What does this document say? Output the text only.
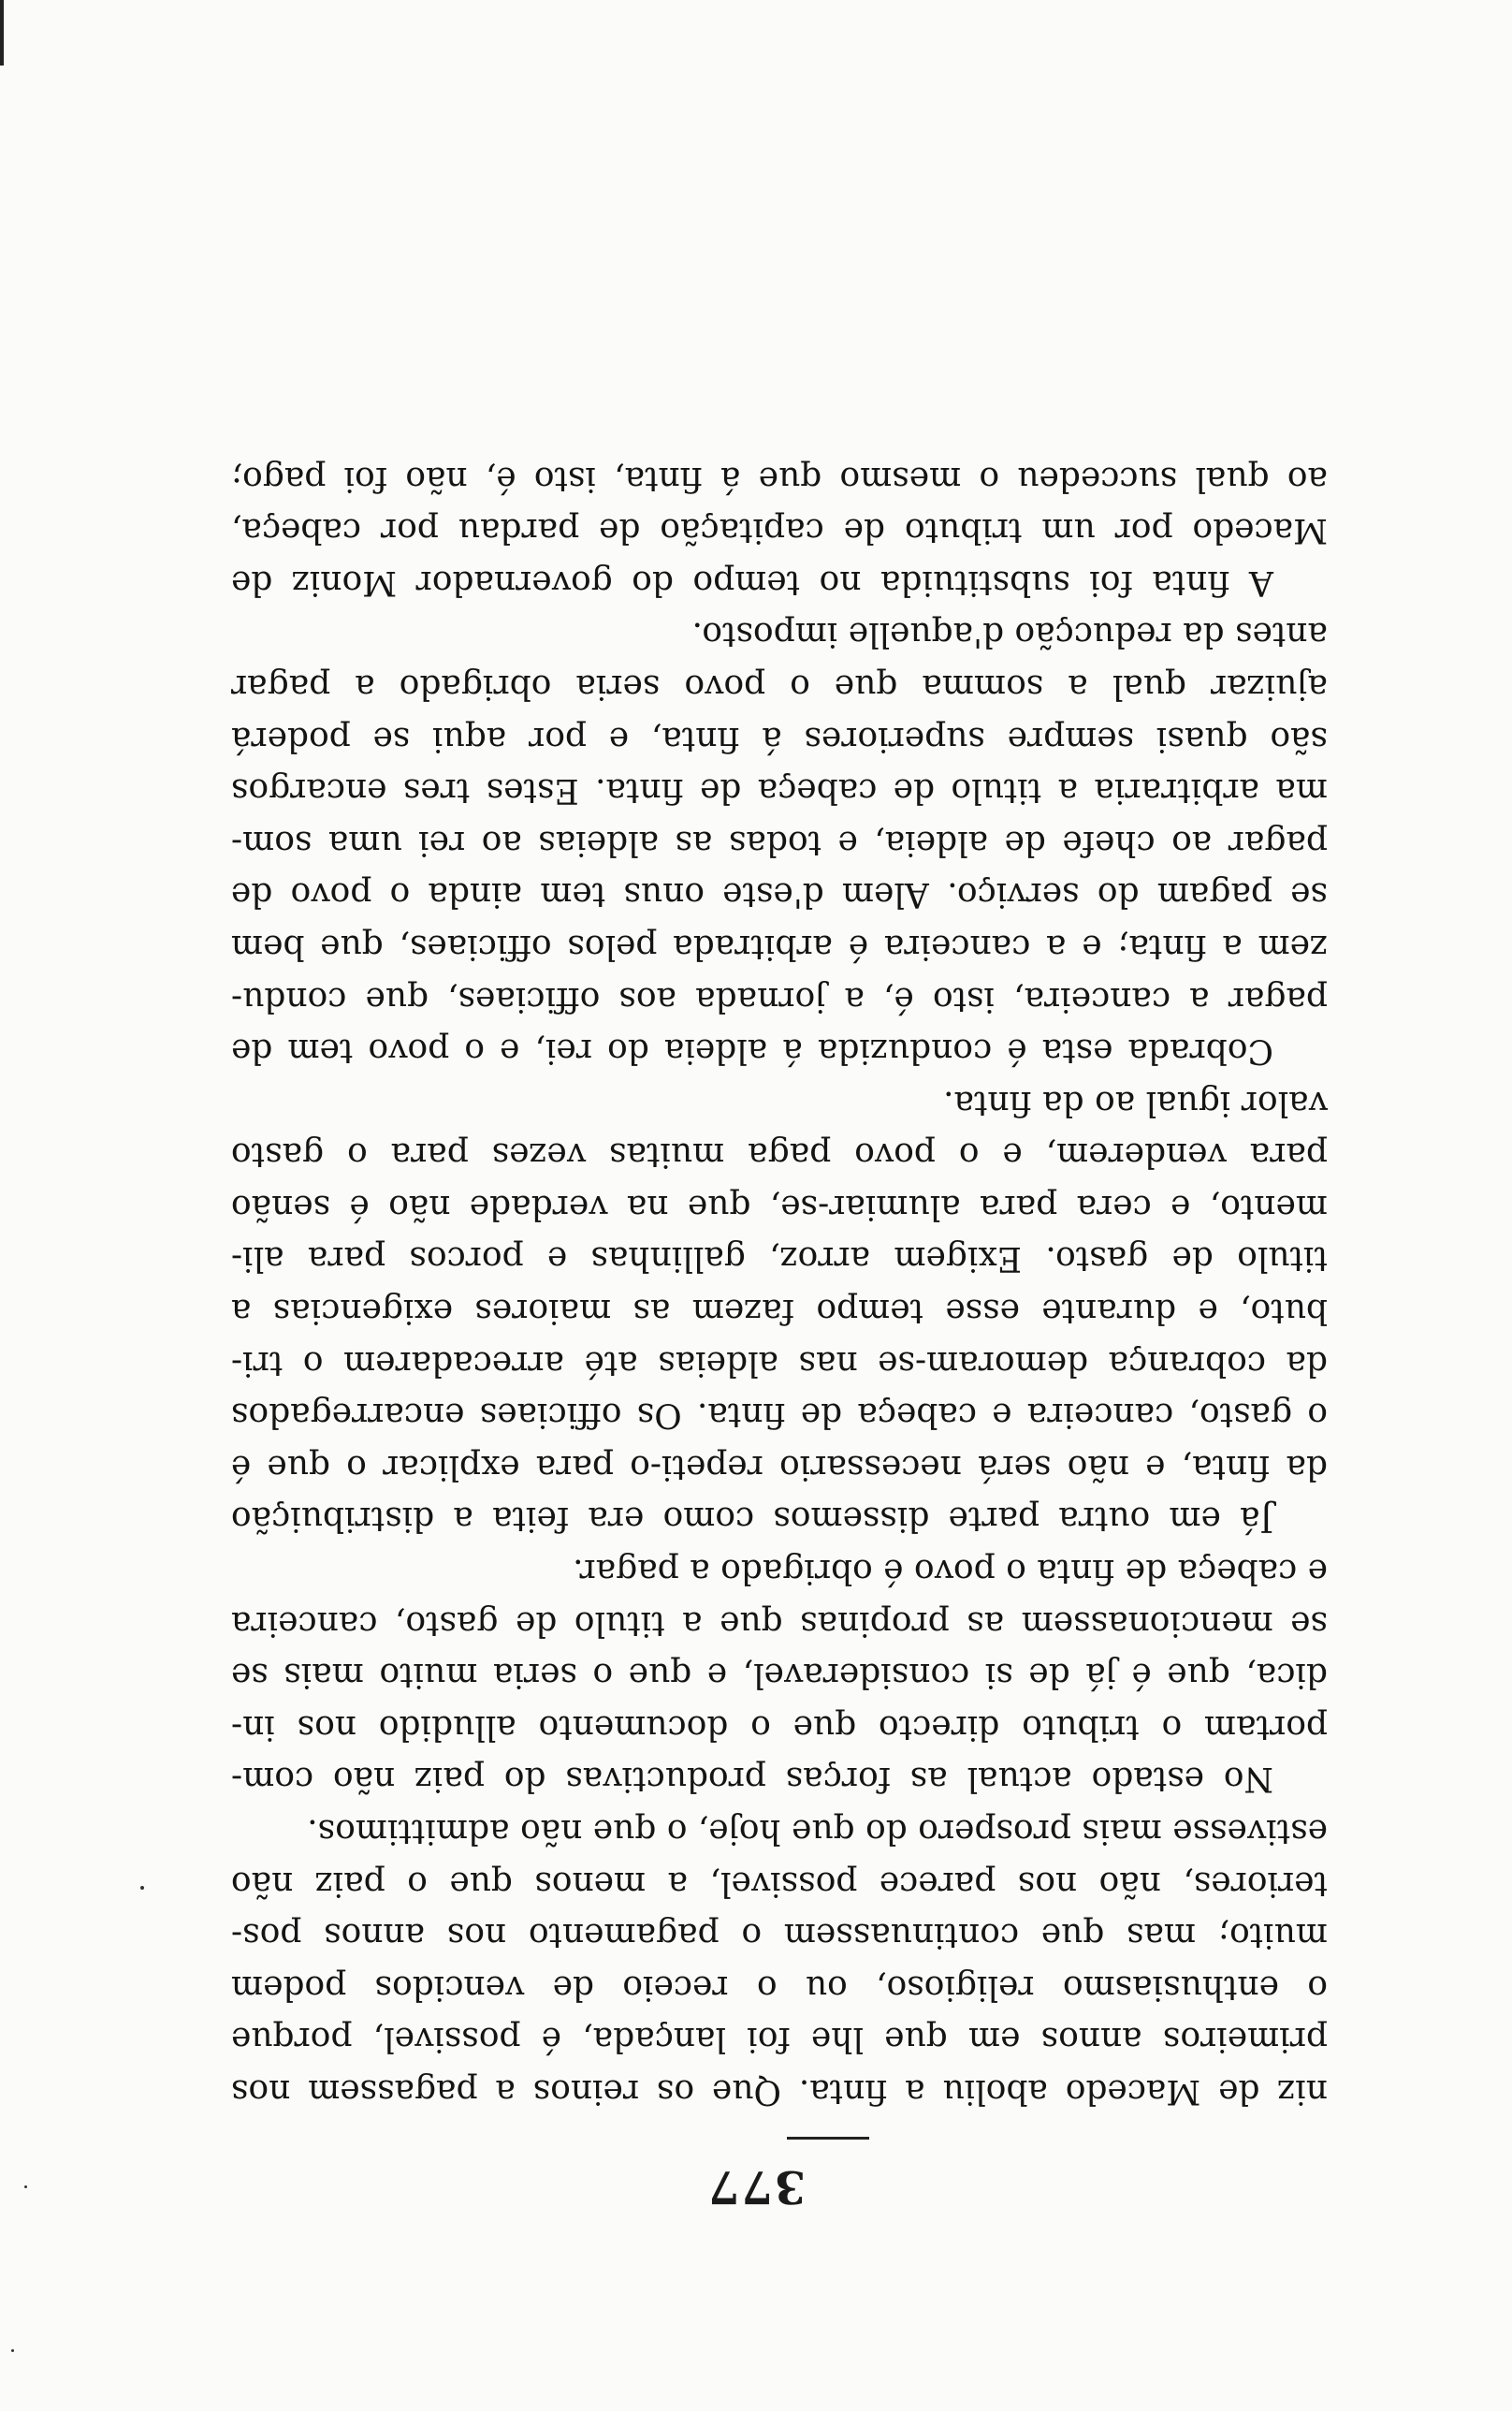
377
niz de Macedo aboliu a finta. Que os reinos a pagassem nos
primeiros annos em que lhe foi lançada, é possivel, porque
o enthusiasmo religioso, ou o receio de vencidos podem
muito; mas que continuassem o pagamento nos annos pos-
teriores, não nos parece possivel, a menos que o paiz não
estivesse mais prospero do que hoje, o que não admittimos.
No estado actual as forças productivas do paiz não com-
portam o tributo directo que o documento alludido nos in-
dica, que é já de si consideravel, e que o seria muito mais se
se mencionassem as propinas que a titulo de gasto, canceira
e cabeça de finta o povo é obrigado a pagar.
Já em outra parte dissemos como era feita a distribuição
da finta, e não será necessario repeti-o para explicar o que é
o gasto, canceira e cabeça de finta. Os officiaes encarregados
da cobrança demoram-se nas aldeias até arrecadarem o tri-
buto, e durante esse tempo fazem as maiores exigencias a
titulo de gasto. Exigem arroz, gallinhas e porcos para ali-
mento, e cera para alumiar-se, que na verdade não é senão
para venderem, e o povo paga muitas vezes para o gasto
valor igual ao da finta.
Cobrada esta é conduzida á aldeia do rei, e o povo tem de
pagar a canceira, isto é, a jornada aos officiaes, que condu-
zem a finta; e a canceira é arbitrada pelos officiaes, que bem
se pagam do serviço. Alem d'este onus tem ainda o povo de
pagar ao chefe de aldeia, e todas as aldeias ao rei uma som-
ma arbitraria a titulo de cabeça de finta. Estes tres encargos
são quasi sempre superiores á finta, e por aqui se poderá
ajuizar qual a somma que o povo seria obrigado a pagar
antes da reducção d'aquelle imposto.
A finta foi substituida no tempo do governador Moniz de
Macedo por um tributo de capitação de pardau por cabeça,
ao qual succedeu o mesmo que á finta, isto é, não foi pago;
